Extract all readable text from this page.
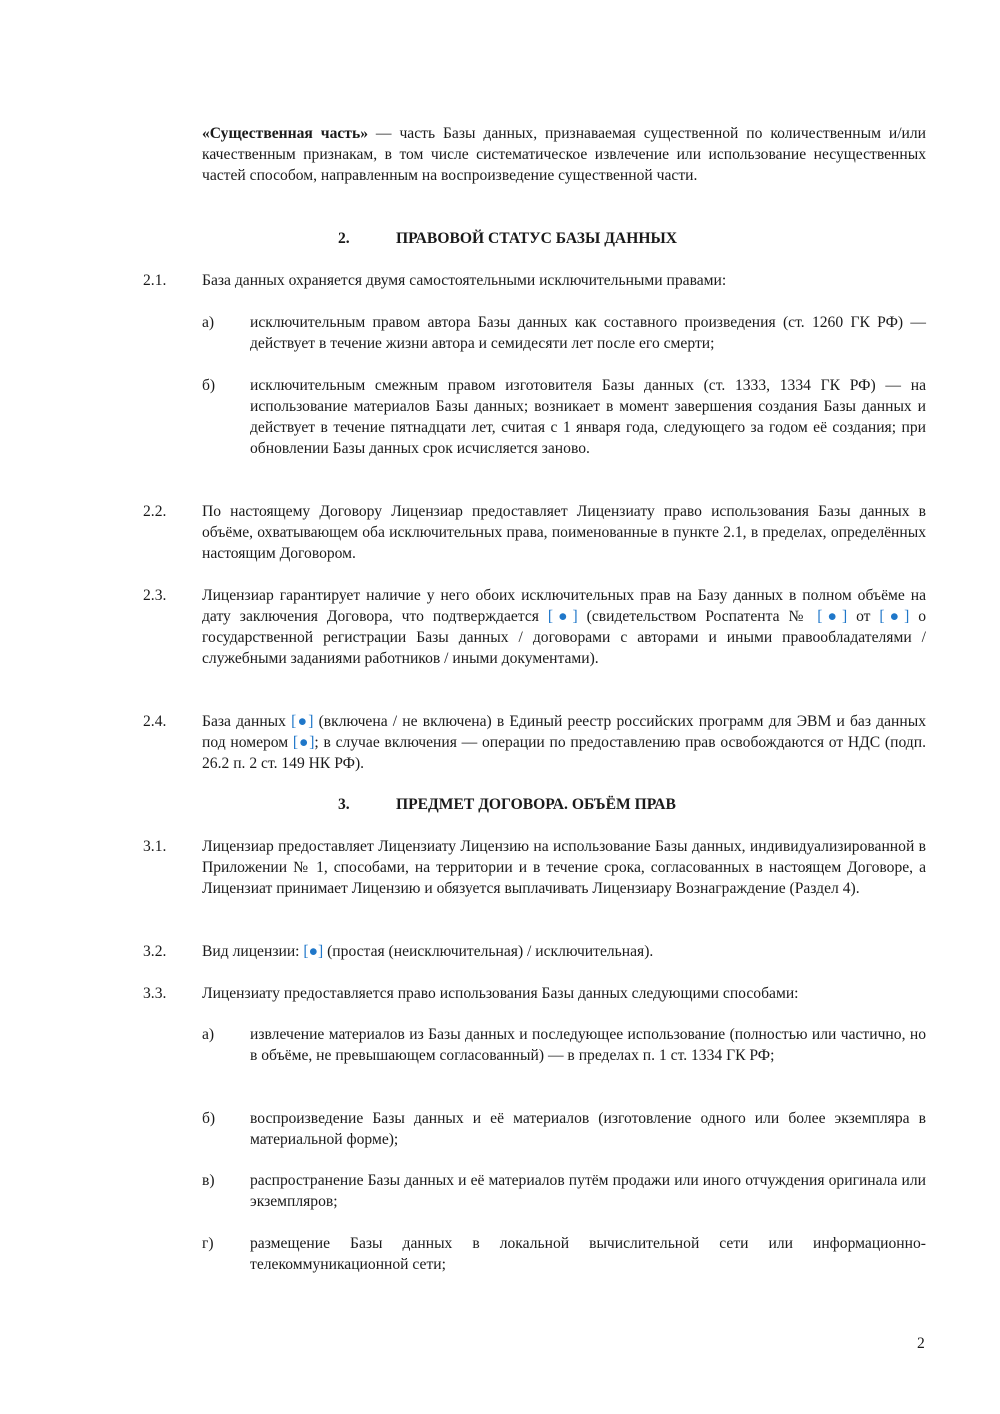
«Существенная часть» — часть Базы данных, признаваемая существенной по количественным и/или качественным признакам, в том числе систематическое извлечение или использование несущественных частей способом, направленным на воспроизведение существенной части.
2.	ПРАВОВОЙ СТАТУС БАЗЫ ДАННЫХ
2.1. База данных охраняется двумя самостоятельными исключительными правами:
а) исключительным правом автора Базы данных как составного произведения (ст. 1260 ГК РФ) — действует в течение жизни автора и семидесяти лет после его смерти;
б) исключительным смежным правом изготовителя Базы данных (ст. 1333, 1334 ГК РФ) — на использование материалов Базы данных; возникает в момент завершения создания Базы данных и действует в течение пятнадцати лет, считая с 1 января года, следующего за годом её создания; при обновлении Базы данных срок исчисляется заново.
2.2. По настоящему Договору Лицензиар предоставляет Лицензиату право использования Базы данных в объёме, охватывающем оба исключительных права, поименованные в пункте 2.1, в пределах, определённых настоящим Договором.
2.3. Лицензиар гарантирует наличие у него обоих исключительных прав на Базу данных в полном объёме на дату заключения Договора, что подтверждается [●] (свидетельством Роспатента № [●] от [●] о государственной регистрации Базы данных / договорами с авторами и иными правообладателями / служебными заданиями работников / иными документами).
2.4. База данных [●] (включена / не включена) в Единый реестр российских программ для ЭВМ и баз данных под номером [●]; в случае включения — операции по предоставлению прав освобождаются от НДС (подп. 26.2 п. 2 ст. 149 НК РФ).
3.	ПРЕДМЕТ ДОГОВОРА. ОБЪЁМ ПРАВ
3.1. Лицензиар предоставляет Лицензиату Лицензию на использование Базы данных, индивидуализированной в Приложении № 1, способами, на территории и в течение срока, согласованных в настоящем Договоре, а Лицензиат принимает Лицензию и обязуется выплачивать Лицензиару Вознаграждение (Раздел 4).
3.2. Вид лицензии: [●] (простая (неисключительная) / исключительная).
3.3. Лицензиату предоставляется право использования Базы данных следующими способами:
а) извлечение материалов из Базы данных и последующее использование (полностью или частично, но в объёме, не превышающем согласованный) — в пределах п. 1 ст. 1334 ГК РФ;
б) воспроизведение Базы данных и её материалов (изготовление одного или более экземпляра в материальной форме);
в) распространение Базы данных и её материалов путём продажи или иного отчуждения оригинала или экземпляров;
г) размещение Базы данных в локальной вычислительной сети или информационно-телекоммуникационной сети;
2
